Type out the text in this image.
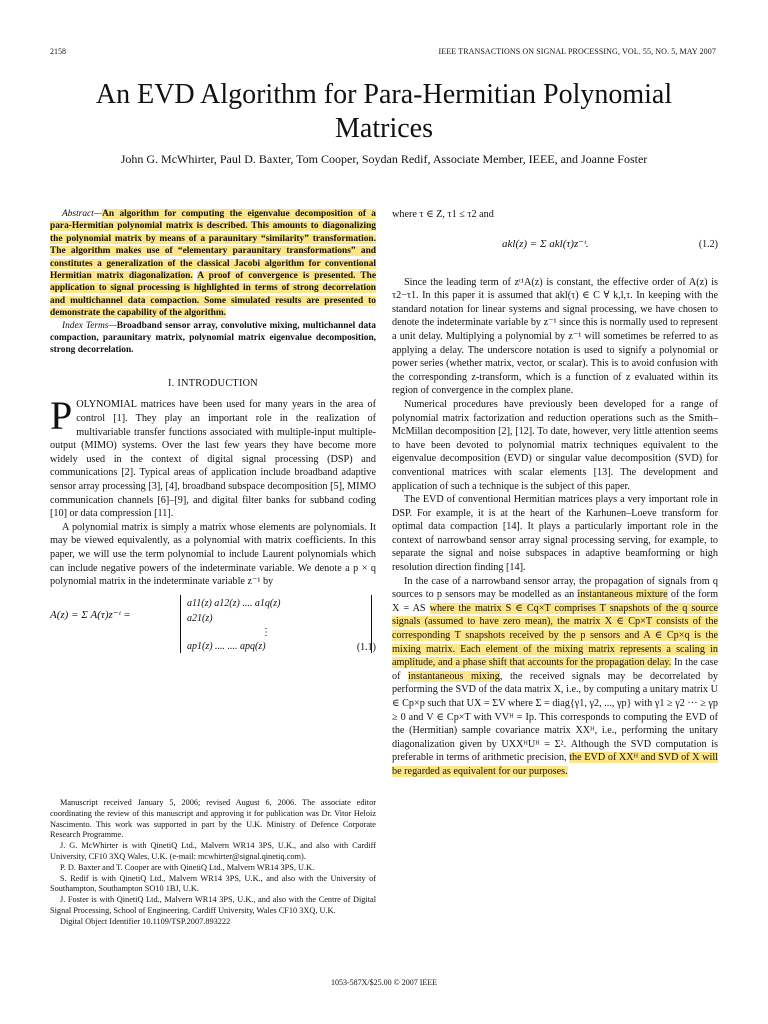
2158	IEEE TRANSACTIONS ON SIGNAL PROCESSING, VOL. 55, NO. 5, MAY 2007
An EVD Algorithm for Para-Hermitian Polynomial Matrices
John G. McWhirter, Paul D. Baxter, Tom Cooper, Soydan Redif, Associate Member, IEEE, and Joanne Foster

Abstract—An algorithm for computing the eigenvalue decomposition of a para-Hermitian polynomial matrix is described. This amounts to diagonalizing the polynomial matrix by means of a paraunitary “similarity” transformation. The algorithm makes use of “elementary paraunitary transformations” and constitutes a generalization of the classical Jacobi algorithm for conventional Hermitian matrix diagonalization. A proof of convergence is presented. The application to signal processing is highlighted in terms of strong decorrelation and multichannel data compaction. Some simulated results are presented to demonstrate the capability of the algorithm.

Index Terms—Broadband sensor array, convolutive mixing, multichannel data compaction, paraunitary matrix, polynomial matrix eigenvalue decomposition, strong decorrelation.

I. INTRODUCTION

POLYNOMIAL matrices have been used for many years in the area of control [1]. They play an important role in the realization of multivariable transfer functions associated with multiple-input multiple-output (MIMO) systems. Over the last few years they have become more widely used in the context of digital signal processing (DSP) and communications [2]. Typical areas of application include broadband adaptive sensor array processing [3], [4], broadband subspace decomposition [5], MIMO communication channels [6]–[9], and digital filter banks for subband coding [10] or data compression [11].

A polynomial matrix is simply a matrix whose elements are polynomials. It may be viewed equivalently, as a polynomial with matrix coefficients. In this paper, we will use the term polynomial to include Laurent polynomials which can include negative powers of the indeterminate variable. We denote a p × q polynomial matrix in the indeterminate variable z⁻¹ by

A(z) = Σ A(τ)z⁻ᵗ =
a11(z) a12(z) .... a1q(z)
a21(z)
⋮
ap1(z) .... .... apq(z)	(1.1)

Manuscript received January 5, 2006; revised August 6, 2006. The associate editor coordinating the review of this manuscript and approving it for publication was Dr. Vitor Heloiz Nascimento. This work was supported in part by the U.K. Ministry of Defence Corporate Research Programme.

J. G. McWhirter is with QinetiQ Ltd., Malvern WR14 3PS, U.K., and also with Cardiff University, CF10 3XQ Wales, U.K. (e-mail: mcwhirter@signal.qinetiq.com).

P. D. Baxter and T. Cooper are with QinetiQ Ltd., Malvern WR14 3PS, U.K.

S. Redif is with QinetiQ Ltd., Malvern WR14 3PS, U.K., and also with the University of Southampton, Southampton SO10 1BJ, U.K.

J. Foster is with QinetiQ Ltd., Malvern WR14 3PS, U.K., and also with the Centre of Digital Signal Processing, School of Engineering, Cardiff University, Wales CF10 3XQ, U.K.

Digital Object Identifier 10.1109/TSP.2007.893222

where τ ∈ Z, τ1 ≤ τ2 and

akl(z) = Σ akl(τ)z⁻ᵗ.	(1.2)

Since the leading term of zᵗ¹A(z) is constant, the effective order of A(z) is τ2−τ1. In this paper it is assumed that akl(τ) ∈ C ∀ k,l,τ. In keeping with the standard notation for linear systems and signal processing, we have chosen to denote the indeterminate variable by z⁻¹ since this is normally used to represent a unit delay. Multiplying a polynomial by z⁻¹ will sometimes be referred to as applying a delay. The underscore notation is used to signify a polynomial or power series (whether matrix, vector, or scalar). This is to avoid confusion with the corresponding z-transform, which is a function of z evaluated within its region of convergence in the complex plane.

Numerical procedures have previously been developed for a range of polynomial matrix factorization and reduction operations such as the Smith–McMillan decomposition [2], [12]. To date, however, very little attention seems to have been devoted to polynomial matrix techniques equivalent to the eigenvalue decomposition (EVD) or singular value decomposition (SVD) for conventional matrices with scalar elements [13]. The development and application of such a technique is the subject of this paper.

The EVD of conventional Hermitian matrices plays a very important role in DSP. For example, it is at the heart of the Karhunen–Loeve transform for optimal data compaction [14]. It plays a particularly important role in the context of narrowband sensor array signal processing serving, for example, to separate the signal and noise subspaces in adaptive beamforming or high resolution direction finding [14].

In the case of a narrowband sensor array, the propagation of signals from q sources to p sensors may be modelled as an instantaneous mixture of the form X = AS where the matrix S ∈ Cq×T comprises T snapshots of the q source signals (assumed to have zero mean), the matrix X ∈ Cp×T consists of the corresponding T snapshots received by the p sensors and A ∈ Cp×q is the mixing matrix. Each element of the mixing matrix represents a scaling in amplitude, and a phase shift that accounts for the propagation delay. In the case of instantaneous mixing, the received signals may be decorrelated by performing the SVD of the data matrix X, i.e., by computing a unitary matrix U ∈ Cp×p such that UX = ΣV where Σ = diag{γ1, γ2, ..., γp} with γ1 ≥ γ2 ··· ≥ γp ≥ 0 and V ∈ Cp×T with VVᴴ = Ip. This corresponds to computing the EVD of the (Hermitian) sample covariance matrix XXᴴ, i.e., performing the unitary diagonalization given by UXXᴴUᴴ = Σ². Although the SVD computation is preferable in terms of arithmetic precision, the EVD of XXᴴ and SVD of X will be regarded as equivalent for our purposes.

1053-587X/$25.00 © 2007 IEEE
